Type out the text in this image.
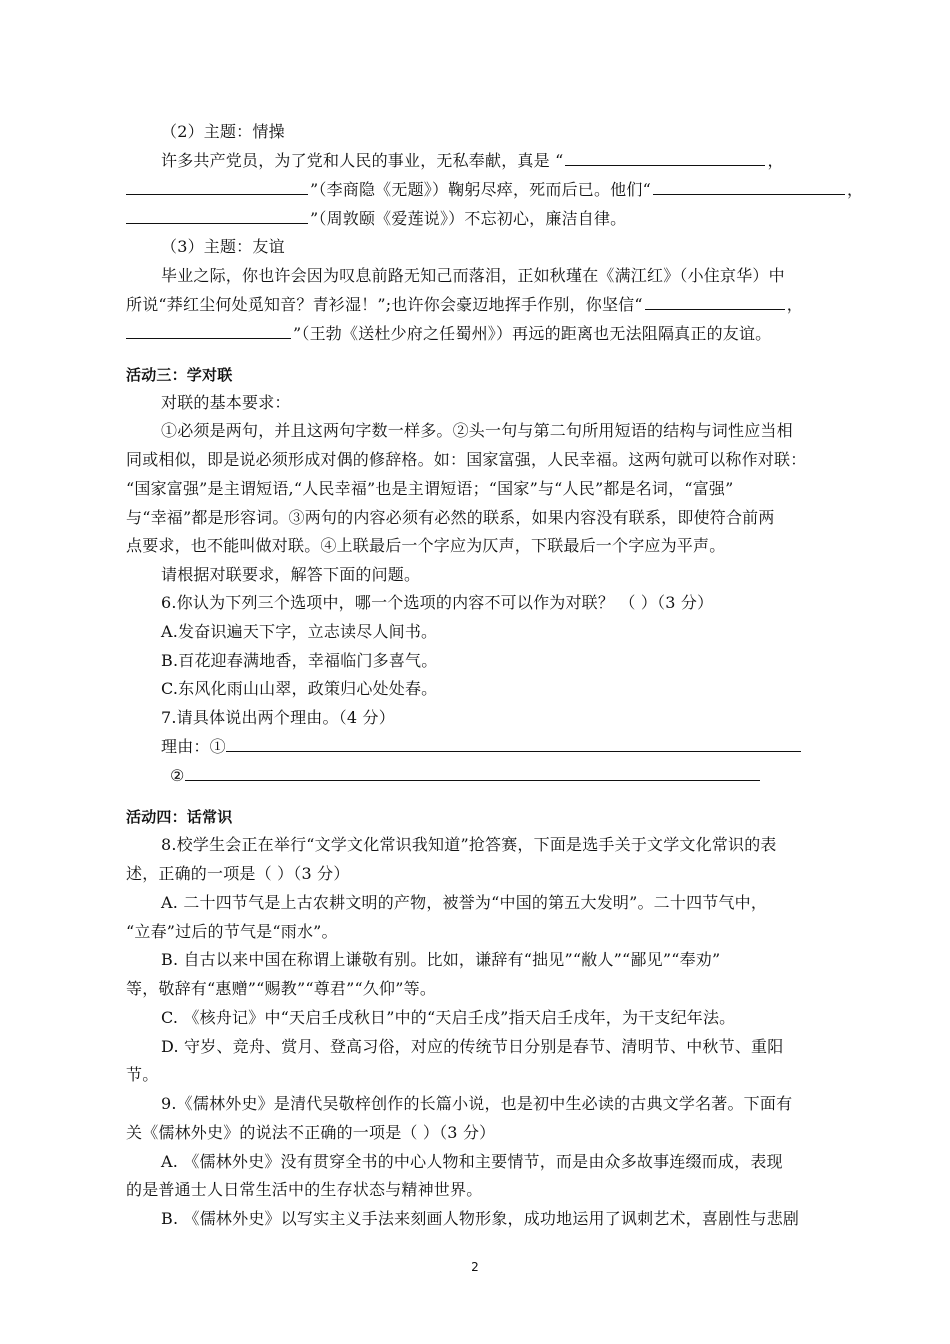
（2）主题：情操
许多共产党员，为了党和人民的事业，无私奉献，真是 “	，
”（李商隐《无题》）鞠躬尽瘁，死而后已。他们“	，
”（周敦颐《爱莲说》）不忘初心，廉洁自律。
（3）主题：友谊
毕业之际，你也许会因为叹息前路无知己而落泪，正如秋瑾在《满江红》（小住京华）中
所说“莽红尘何处觅知音？青衫湿！”;也许你会豪迈地挥手作别，你坚信“	，
”（王勃《送杜少府之任蜀州》）再远的距离也无法阻隔真正的友谊。
活动三：学对联
对联的基本要求：
①必须是两句，并且这两句字数一样多。②头一句与第二句所用短语的结构与词性应当相
同或相似，即是说必须形成对偶的修辞格。如：国家富强，人民幸福。这两句就可以称作对联：
“国家富强”是主谓短语,“人民幸福”也是主谓短语；“国家”与“人民”都是名词，“富强”
与“幸福”都是形容词。③两句的内容必须有必然的联系，如果内容没有联系，即使符合前两
点要求，也不能叫做对联。④上联最后一个字应为仄声，下联最后一个字应为平声。
请根据对联要求，解答下面的问题。
6.你认为下列三个选项中，哪一个选项的内容不可以作为对联？ （ ）（3 分）
A.发奋识遍天下字，立志读尽人间书。
B.百花迎春满地香，幸福临门多喜气。
C.东风化雨山山翠，政策归心处处春。
7.请具体说出两个理由。（4 分）
理由：①
②
活动四：话常识
8.校学生会正在举行“文学文化常识我知道”抢答赛，下面是选手关于文学文化常识的表
述，正确的一项是（ ）（3 分）
A. 二十四节气是上古农耕文明的产物，被誉为“中国的第五大发明”。二十四节气中，
“立春”过后的节气是“雨水”。
B. 自古以来中国在称谓上谦敬有别。比如，谦辞有“拙见”“敝人”“鄙见”“奉劝”
等，敬辞有“惠赠”“赐教”“尊君”“久仰”等。
C. 《核舟记》中“天启壬戌秋日”中的“天启壬戌”指天启壬戌年，为干支纪年法。
D. 守岁、竞舟、赏月、登高习俗，对应的传统节日分别是春节、清明节、中秋节、重阳
节。
9.《儒林外史》是清代吴敬梓创作的长篇小说，也是初中生必读的古典文学名著。下面有
关《儒林外史》的说法不正确的一项是（ ）（3 分）
A. 《儒林外史》没有贯穿全书的中心人物和主要情节，而是由众多故事连缀而成，表现
的是普通士人日常生活中的生存状态与精神世界。
B. 《儒林外史》以写实主义手法来刻画人物形象，成功地运用了讽刺艺术，喜剧性与悲剧
2
